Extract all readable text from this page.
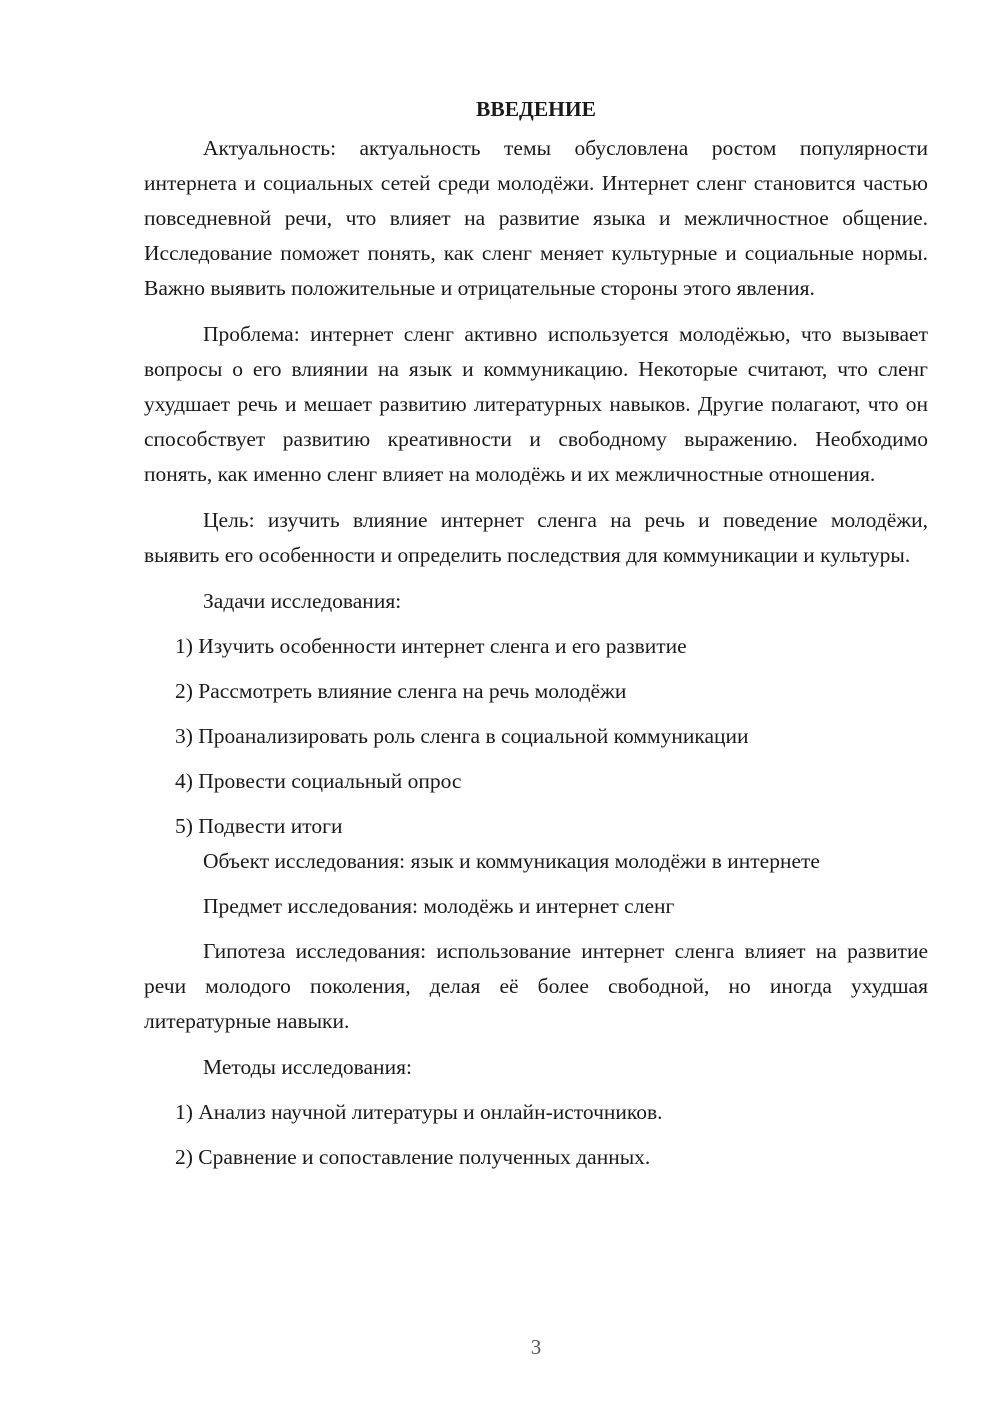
ВВЕДЕНИЕ

Актуальность: актуальность темы обусловлена ростом популярности интернета и социальных сетей среди молодёжи. Интернет сленг становится частью повседневной речи, что влияет на развитие языка и межличностное общение. Исследование поможет понять, как сленг меняет культурные и социальные нормы. Важно выявить положительные и отрицательные стороны этого явления.

Проблема: интернет сленг активно используется молодёжью, что вызывает вопросы о его влиянии на язык и коммуникацию. Некоторые считают, что сленг ухудшает речь и мешает развитию литературных навыков. Другие полагают, что он способствует развитию креативности и свободному выражению. Необходимо понять, как именно сленг влияет на молодёжь и их межличностные отношения.

Цель: изучить влияние интернет сленга на речь и поведение молодёжи, выявить его особенности и определить последствия для коммуникации и культуры.

Задачи исследования:
1) Изучить особенности интернет сленга и его развитие
2) Рассмотреть влияние сленга на речь молодёжи
3) Проанализировать роль сленга в социальной коммуникации
4) Провести социальный опрос
5) Подвести итоги
Объект исследования: язык и коммуникация молодёжи в интернете
Предмет исследования: молодёжь и интернет сленг

Гипотеза исследования: использование интернет сленга влияет на развитие речи молодого поколения, делая её более свободной, но иногда ухудшая литературные навыки.

Методы исследования:
1) Анализ научной литературы и онлайн-источников.
2) Сравнение и сопоставление полученных данных.
3
